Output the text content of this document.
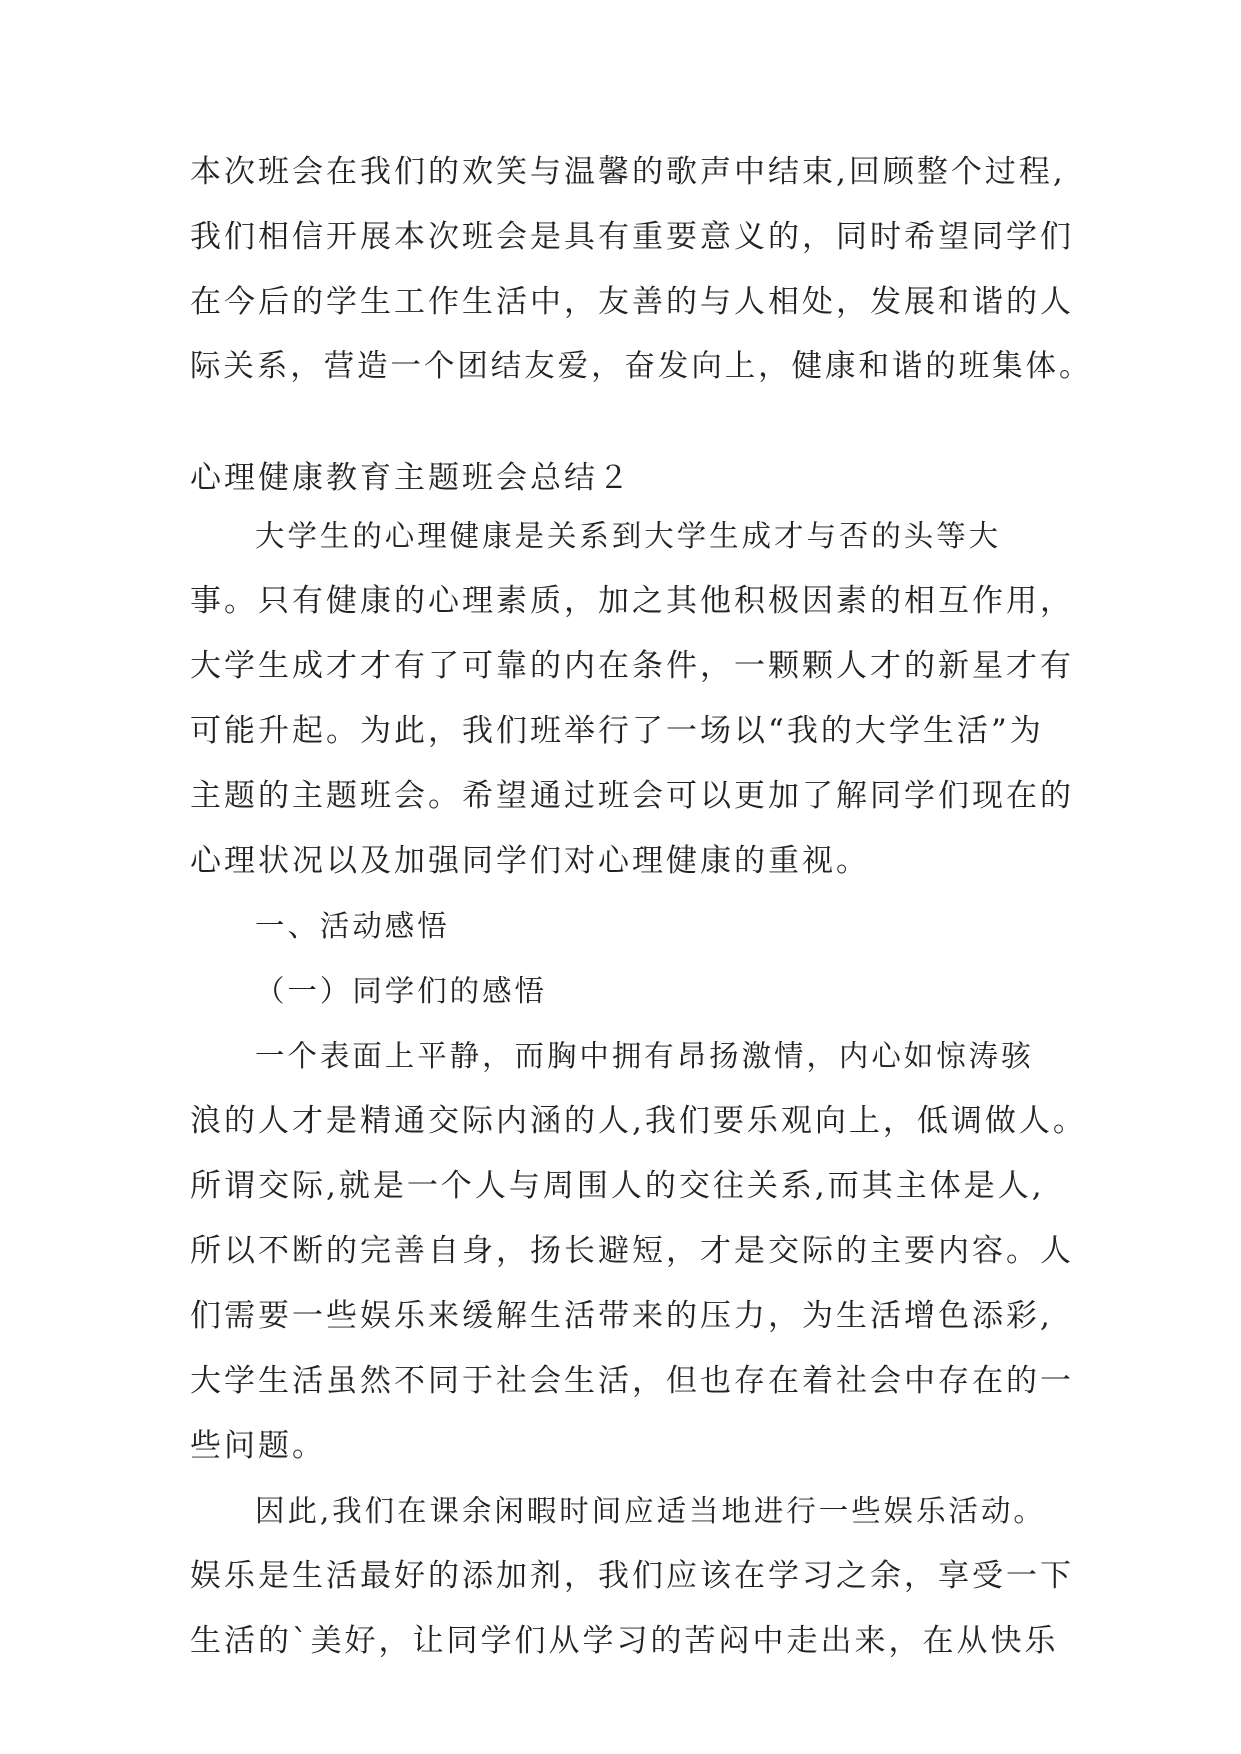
本次班会在我们的欢笑与温馨的歌声中结束,回顾整个过程,
我们相信开展本次班会是具有重要意义的，同时希望同学们
在今后的学生工作生活中，友善的与人相处，发展和谐的人
际关系，营造一个团结友爱，奋发向上，健康和谐的班集体。
心理健康教育主题班会总结２
大学生的心理健康是关系到大学生成才与否的头等大
事。只有健康的心理素质，加之其他积极因素的相互作用，
大学生成才才有了可靠的内在条件，一颗颗人才的新星才有
可能升起。为此，我们班举行了一场以“我的大学生活”为
主题的主题班会。希望通过班会可以更加了解同学们现在的
心理状况以及加强同学们对心理健康的重视。
一、活动感悟
（一）同学们的感悟
一个表面上平静，而胸中拥有昂扬激情，内心如惊涛骇
浪的人才是精通交际内涵的人,我们要乐观向上，低调做人。
所谓交际,就是一个人与周围人的交往关系,而其主体是人,
所以不断的完善自身，扬长避短，才是交际的主要内容。人
们需要一些娱乐来缓解生活带来的压力，为生活增色添彩,
大学生活虽然不同于社会生活，但也存在着社会中存在的一
些问题。
因此,我们在课余闲暇时间应适当地进行一些娱乐活动。
娱乐是生活最好的添加剂，我们应该在学习之余，享受一下
生活的`美好，让同学们从学习的苦闷中走出来，在从快乐
